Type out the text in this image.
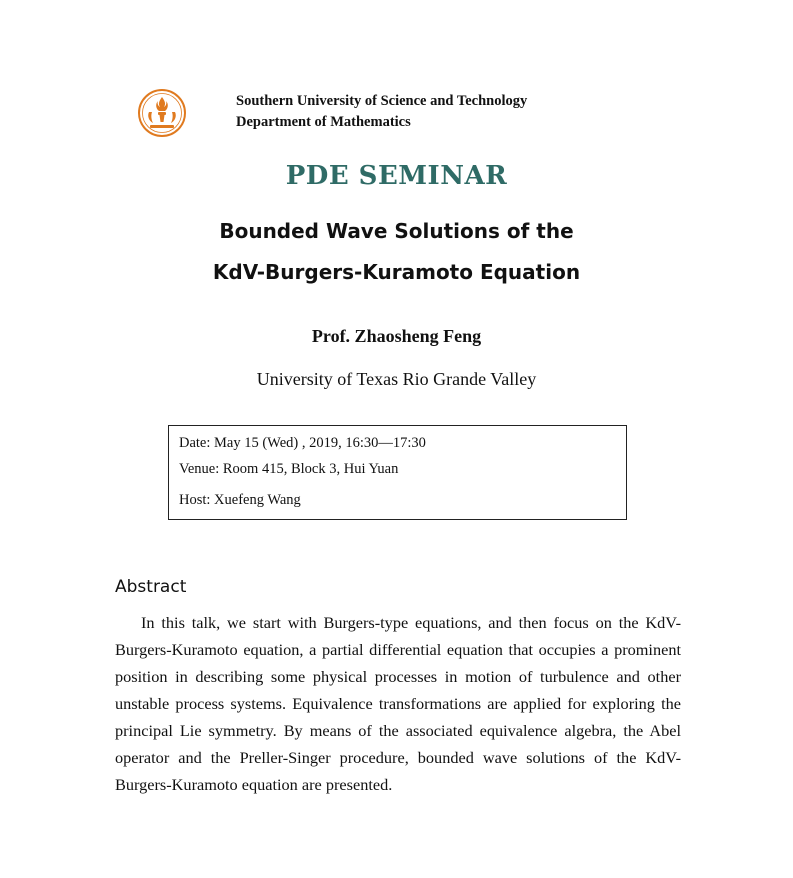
Southern University of Science and Technology
Department of Mathematics
PDE SEMINAR
Bounded Wave Solutions of the
KdV-Burgers-Kuramoto Equation
Prof. Zhaosheng Feng
University of Texas Rio Grande Valley
Date: May 15 (Wed) , 2019, 16:30—17:30
Venue: Room 415, Block 3, Hui Yuan
Host: Xuefeng Wang
Abstract
In this talk, we start with Burgers-type equations, and then focus on the KdV-Burgers-Kuramoto equation, a partial differential equation that occupies a prominent position in describing some physical processes in motion of turbulence and other unstable process systems. Equivalence transformations are applied for exploring the principal Lie symmetry. By means of the associated equivalence algebra, the Abel operator and the Preller-Singer procedure, bounded wave solutions of the KdV-Burgers-Kuramoto equation are presented.
